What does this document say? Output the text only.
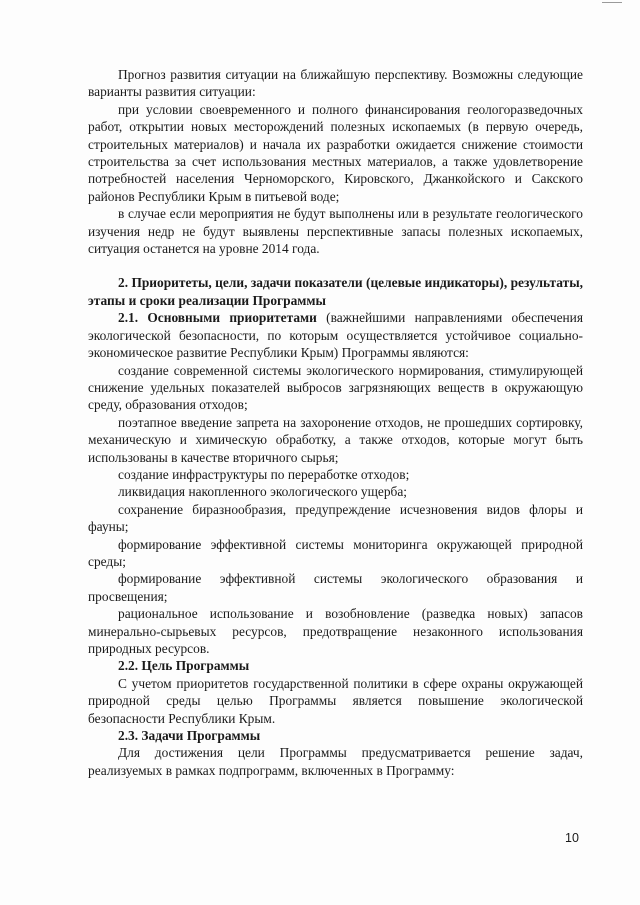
Прогноз развития ситуации на ближайшую перспективу. Возможны следующие варианты развития ситуации:

при условии своевременного и полного финансирования геологоразведочных работ, открытии новых месторождений полезных ископаемых (в первую очередь, строительных материалов) и начала их разработки ожидается снижение стоимости строительства за счет использования местных материалов, а также удовлетворение потребностей населения Черноморского, Кировского, Джанкойского и Сакского районов Республики Крым в питьевой воде;

в случае если мероприятия не будут выполнены или в результате геологического изучения недр не будут выявлены перспективные запасы полезных ископаемых, ситуация останется на уровне 2014 года.

2. Приоритеты, цели, задачи показатели (целевые индикаторы), результаты, этапы и сроки реализации Программы

2.1. Основными приоритетами (важнейшими направлениями обеспечения экологической безопасности, по которым осуществляется устойчивое социально-экономическое развитие Республики Крым) Программы являются:

создание современной системы экологического нормирования, стимулирующей снижение удельных показателей выбросов загрязняющих веществ в окружающую среду, образования отходов;

поэтапное введение запрета на захоронение отходов, не прошедших сортировку, механическую и химическую обработку, а также отходов, которые могут быть использованы в качестве вторичного сырья;

создание инфраструктуры по переработке отходов;

ликвидация накопленного экологического ущерба;

сохранение биразнообразия, предупреждение исчезновения видов флоры и фауны;

формирование эффективной системы мониторинга окружающей природной среды;

формирование эффективной системы экологического образования и просвещения;

рациональное использование и возобновление (разведка новых) запасов минерально-сырьевых ресурсов, предотвращение незаконного использования природных ресурсов.

2.2. Цель Программы

С учетом приоритетов государственной политики в сфере охраны окружающей природной среды целью Программы является повышение экологической безопасности Республики Крым.

2.3. Задачи Программы

Для достижения цели Программы предусматривается решение задач, реализуемых в рамках подпрограмм, включенных в Программу:

10
